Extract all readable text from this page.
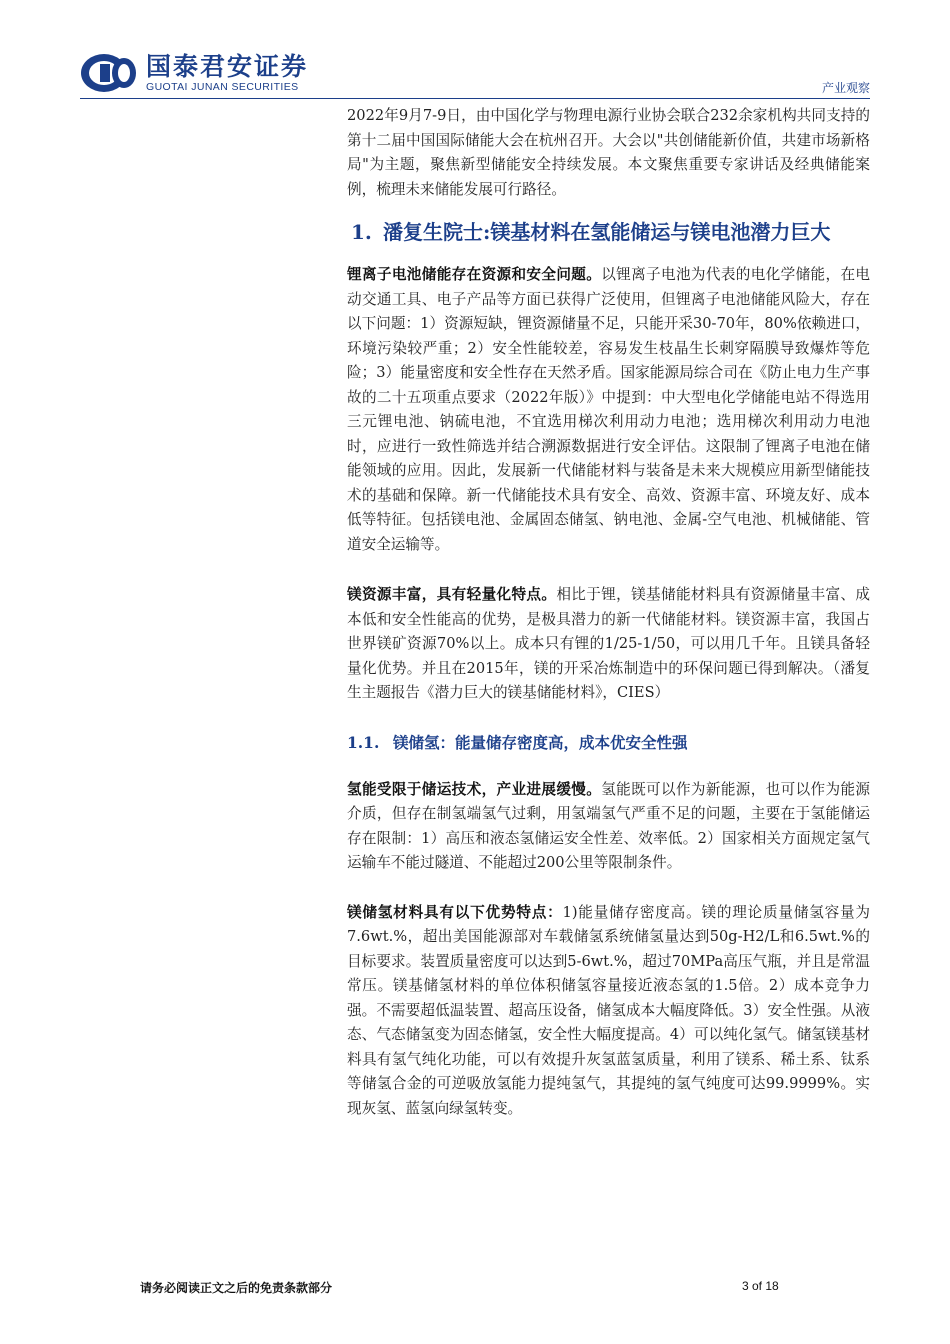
国泰君安证券
GUOTAI JUNAN SECURITIES	产业观察

2022年9月7-9日，由中国化学与物理电源行业协会联合232余家机构共同支持的第十二届中国国际储能大会在杭州召开。大会以"共创储能新价值，共建市场新格局"为主题，聚焦新型储能安全持续发展。本文聚焦重要专家讲话及经典储能案例，梳理未来储能发展可行路径。

1. 潘复生院士:镁基材料在氢能储运与镁电池潜力巨大

锂离子电池储能存在资源和安全问题。以锂离子电池为代表的电化学储能，在电动交通工具、电子产品等方面已获得广泛使用，但锂离子电池储能风险大，存在以下问题：1）资源短缺，锂资源储量不足，只能开采30-70年，80%依赖进口，环境污染较严重；2）安全性能较差，容易发生枝晶生长刺穿隔膜导致爆炸等危险；3）能量密度和安全性存在天然矛盾。国家能源局综合司在《防止电力生产事故的二十五项重点要求（2022年版）》中提到：中大型电化学储能电站不得选用三元锂电池、钠硫电池，不宜选用梯次利用动力电池；选用梯次利用动力电池时，应进行一致性筛选并结合溯源数据进行安全评估。这限制了锂离子电池在储能领域的应用。因此，发展新一代储能材料与装备是未来大规模应用新型储能技术的基础和保障。新一代储能技术具有安全、高效、资源丰富、环境友好、成本低等特征。包括镁电池、金属固态储氢、钠电池、金属-空气电池、机械储能、管道安全运输等。

镁资源丰富，具有轻量化特点。相比于锂，镁基储能材料具有资源储量丰富、成本低和安全性能高的优势，是极具潜力的新一代储能材料。镁资源丰富，我国占世界镁矿资源70%以上。成本只有锂的1/25-1/50，可以用几千年。且镁具备轻量化优势。并且在2015年，镁的开采冶炼制造中的环保问题已得到解决。（潘复生主题报告《潜力巨大的镁基储能材料》，CIES）

1.1. 镁储氢：能量储存密度高，成本优安全性强

氢能受限于储运技术，产业进展缓慢。氢能既可以作为新能源，也可以作为能源介质，但存在制氢端氢气过剩，用氢端氢气严重不足的问题，主要在于氢能储运存在限制：1）高压和液态氢储运安全性差、效率低。2）国家相关方面规定氢气运输车不能过隧道、不能超过200公里等限制条件。

镁储氢材料具有以下优势特点：1)能量储存密度高。镁的理论质量储氢容量为7.6wt.%，超出美国能源部对车载储氢系统储氢量达到50g-H2/L和6.5wt.%的目标要求。装置质量密度可以达到5-6wt.%，超过70MPa高压气瓶，并且是常温常压。镁基储氢材料的单位体积储氢容量接近液态氢的1.5倍。2）成本竞争力强。不需要超低温装置、超高压设备，储氢成本大幅度降低。3）安全性强。从液态、气态储氢变为固态储氢，安全性大幅度提高。4）可以纯化氢气。储氢镁基材料具有氢气纯化功能，可以有效提升灰氢蓝氢质量，利用了镁系、稀土系、钛系等储氢合金的可逆吸放氢能力提纯氢气，其提纯的氢气纯度可达99.9999%。实现灰氢、蓝氢向绿氢转变。

请务必阅读正文之后的免责条款部分	3 of 18
